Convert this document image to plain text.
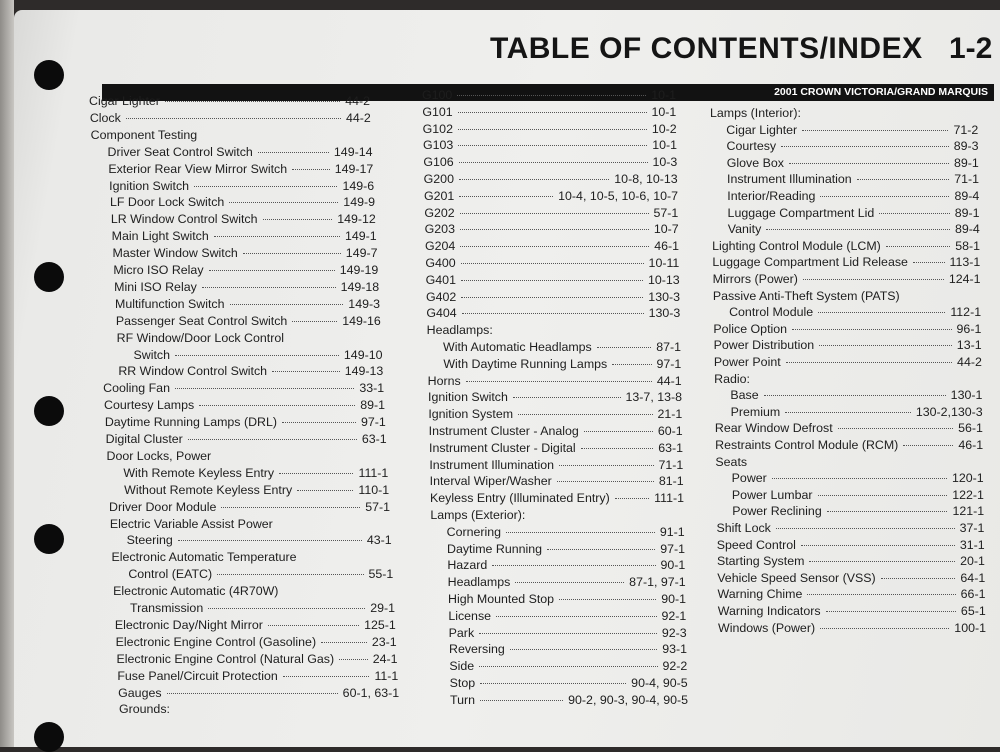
TABLE OF CONTENTS/INDEX 1-2
2001 CROWN VICTORIA/GRAND MARQUIS
Cigar Lighter	44-2
Clock	44-2
Component Testing
Driver Seat Control Switch	149-14
Exterior Rear View Mirror Switch	149-17
Ignition Switch	149-6
LF Door Lock Switch	149-9
LR Window Control Switch	149-12
Main Light Switch	149-1
Master Window Switch	149-7
Micro ISO Relay	149-19
Mini ISO Relay	149-18
Multifunction Switch	149-3
Passenger Seat Control Switch	149-16
RF Window/Door Lock Control
Switch	149-10
RR Window Control Switch	149-13
Cooling Fan	33-1
Courtesy Lamps	89-1
Daytime Running Lamps (DRL)	97-1
Digital Cluster	63-1
Door Locks, Power
With Remote Keyless Entry	111-1
Without Remote Keyless Entry	110-1
Driver Door Module	57-1
Electric Variable Assist Power
Steering	43-1
Electronic Automatic Temperature
Control (EATC)	55-1
Electronic Automatic (4R70W)
Transmission	29-1
Electronic Day/Night Mirror	125-1
Electronic Engine Control (Gasoline)	23-1
Electronic Engine Control (Natural Gas)	24-1
Fuse Panel/Circuit Protection	11-1
Gauges	60-1, 63-1
Grounds:
G100	10-1
G101	10-1
G102	10-2
G103	10-1
G106	10-3
G200	10-8, 10-13
G201	10-4, 10-5, 10-6, 10-7
G202	57-1
G203	10-7
G204	46-1
G400	10-11
G401	10-13
G402	130-3
G404	130-3
Headlamps:
With Automatic Headlamps	87-1
With Daytime Running Lamps	97-1
Horns	44-1
Ignition Switch	13-7, 13-8
Ignition System	21-1
Instrument Cluster - Analog	60-1
Instrument Cluster - Digital	63-1
Instrument Illumination	71-1
Interval Wiper/Washer	81-1
Keyless Entry (Illuminated Entry)	111-1
Lamps (Exterior):
Cornering	91-1
Daytime Running	97-1
Hazard	90-1
Headlamps	87-1, 97-1
High Mounted Stop	90-1
License	92-1
Park	92-3
Reversing	93-1
Side	92-2
Stop	90-4, 90-5
Turn	90-2, 90-3, 90-4, 90-5
Lamps (Interior):
Cigar Lighter	71-2
Courtesy	89-3
Glove Box	89-1
Instrument Illumination	71-1
Interior/Reading	89-4
Luggage Compartment Lid	89-1
Vanity	89-4
Lighting Control Module (LCM)	58-1
Luggage Compartment Lid Release	113-1
Mirrors (Power)	124-1
Passive Anti-Theft System (PATS)
Control Module	112-1
Police Option	96-1
Power Distribution	13-1
Power Point	44-2
Radio:
Base	130-1
Premium	130-2,130-3
Rear Window Defrost	56-1
Restraints Control Module (RCM)	46-1
Seats
Power	120-1
Power Lumbar	122-1
Power Reclining	121-1
Shift Lock	37-1
Speed Control	31-1
Starting System	20-1
Vehicle Speed Sensor (VSS)	64-1
Warning Chime	66-1
Warning Indicators	65-1
Windows (Power)	100-1
